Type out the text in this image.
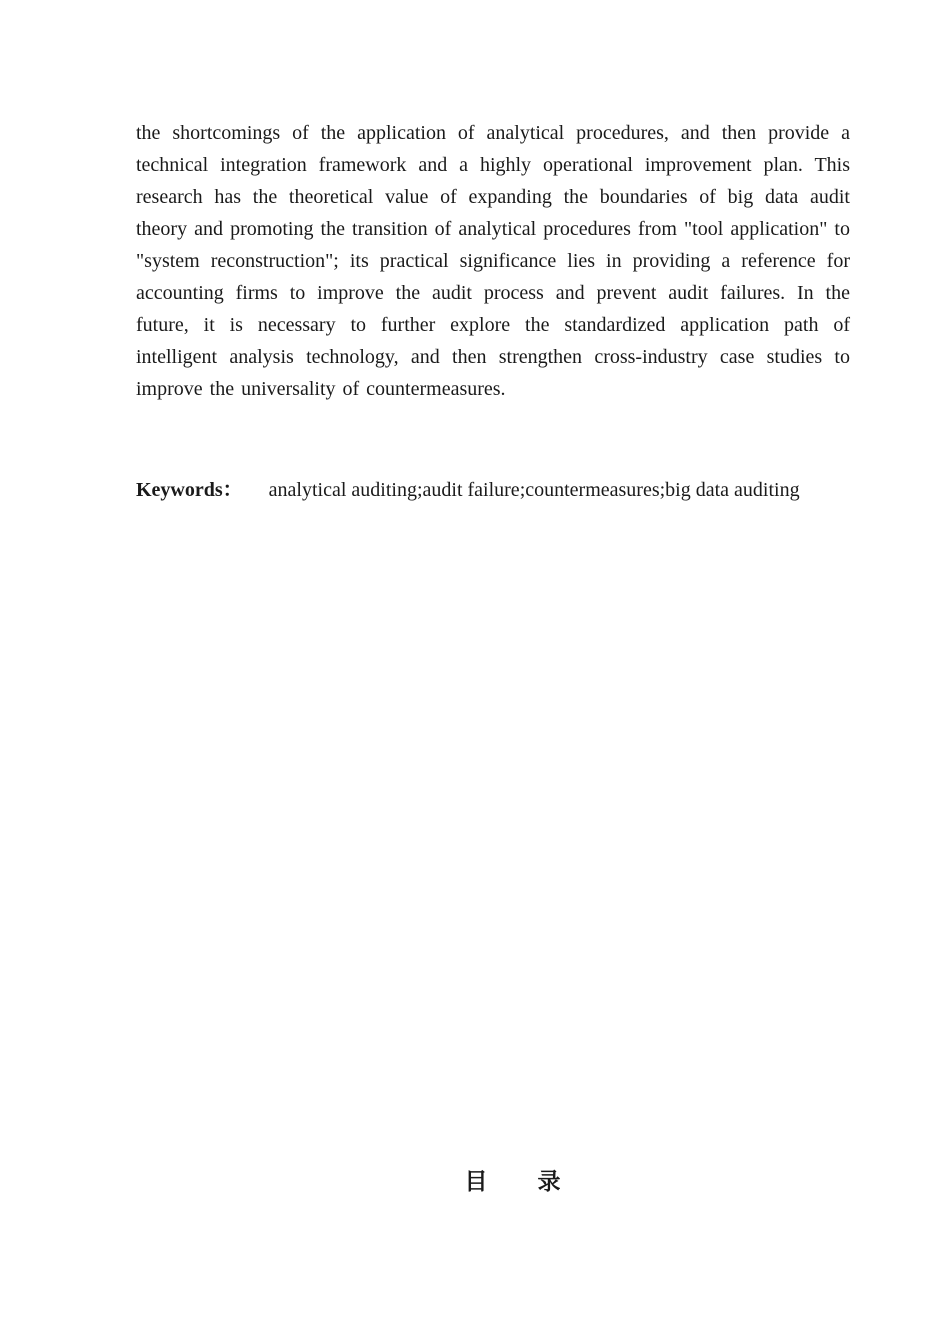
the shortcomings of the application of analytical procedures, and then provide a technical integration framework and a highly operational improvement plan. This research has the theoretical value of expanding the boundaries of big data audit theory and promoting the transition of analytical procedures from "tool application" to "system reconstruction"; its practical significance lies in providing a reference for accounting firms to improve the audit process and prevent audit failures. In the future, it is necessary to further explore the standardized application path of intelligent analysis technology, and then strengthen cross-industry case studies to improve the universality of countermeasures.

Keywords： analytical auditing;audit failure;countermeasures;big data auditing

目 录
